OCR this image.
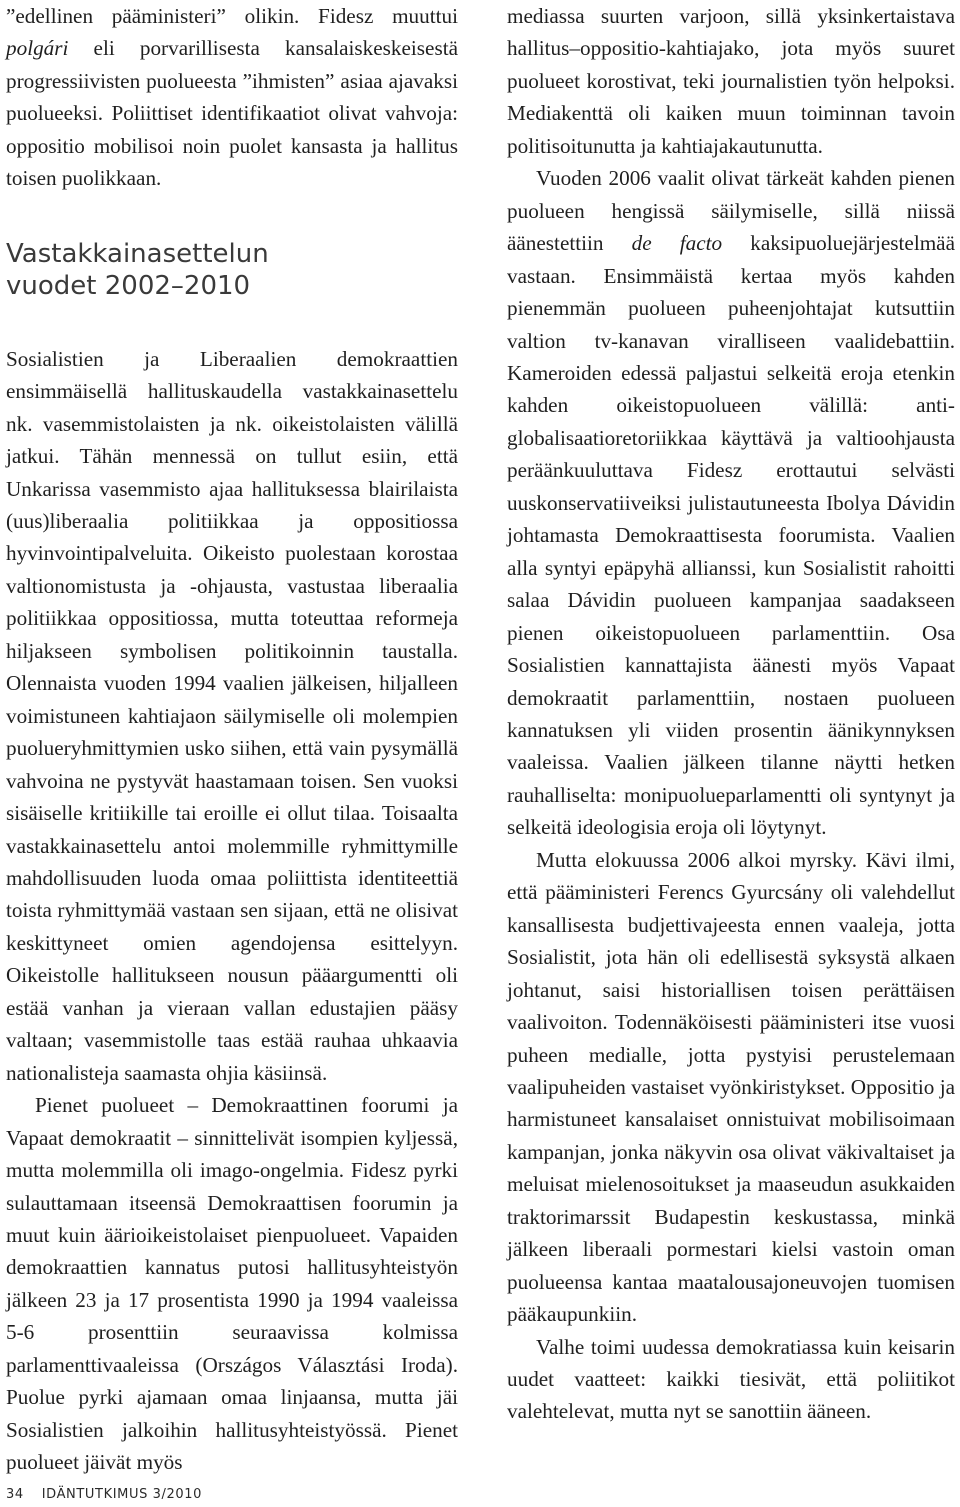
”edellinen pääministeri” olikin. Fidesz muuttui polgári eli porvarillisesta kansalaiskeskeisestä progressiivisten puolueesta ”ihmisten” asiaa ajavaksi puolueeksi. Poliittiset identifikaatiot olivat vahvoja: oppositio mobilisoi noin puolet kansasta ja hallitus toisen puolikkaan.

Vastakkainasettelun
vuodet 2002–2010

Sosialistien ja Liberaalien demokraattien ensimmäisellä hallituskaudella vastakkainasettelu nk. vasemmistolaisten ja nk. oikeistolaisten välillä jatkui. Tähän mennessä on tullut esiin, että Unkarissa vasemmisto ajaa hallituksessa blairilaista (uus)liberaalia politiikkaa ja oppositiossa hyvinvointipalveluita. Oikeisto puolestaan korostaa valtionomistusta ja -ohjausta, vastustaa liberaalia politiikkaa oppositiossa, mutta toteuttaa reformeja hiljakseen symbolisen politikoinnin taustalla. Olennaista vuoden 1994 vaalien jälkeisen, hiljalleen voimistuneen kahtiajaon säilymiselle oli molempien puolueryhmittymien usko siihen, että vain pysymällä vahvoina ne pystyvät haastamaan toisen. Sen vuoksi sisäiselle kritiikille tai eroille ei ollut tilaa. Toisaalta vastakkainasettelu antoi molemmille ryhmittymille mahdollisuuden luoda omaa poliittista identiteettiä toista ryhmittymää vastaan sen sijaan, että ne olisivat keskittyneet omien agendojensa esittelyyn. Oikeistolle hallitukseen nousun pääargumentti oli estää vanhan ja vieraan vallan edustajien pääsy valtaan; vasemmistolle taas estää rauhaa uhkaavia nationalisteja saamasta ohjia käsiinsä.

Pienet puolueet – Demokraattinen foorumi ja Vapaat demokraatit – sinnittelivät isompien kyljessä, mutta molemmilla oli imago-ongelmia. Fidesz pyrki sulauttamaan itseensä Demokraattisen foorumin ja muut kuin äärioikeistolaiset pienpuolueet. Vapaiden demokraattien kannatus putosi hallitusyhteistyön jälkeen 23 ja 17 prosentista 1990 ja 1994 vaaleissa 5-6 prosenttiin seuraavissa kolmissa parlamenttivaaleissa (Országos Választási Iroda). Puolue pyrki ajamaan omaa linjaansa, mutta jäi Sosialistien jalkoihin hallitusyhteistyössä. Pienet puolueet jäivät myös

mediassa suurten varjoon, sillä yksinkertaistava hallitus–oppositio-kahtiajako, jota myös suuret puolueet korostivat, teki journalistien työn helpoksi. Mediakenttä oli kaiken muun toiminnan tavoin politisoitunutta ja kahtiajakautunutta.

Vuoden 2006 vaalit olivat tärkeät kahden pienen puolueen hengissä säilymiselle, sillä niissä äänestettiin de facto kaksipuoluejärjestelmää vastaan. Ensimmäistä kertaa myös kahden pienemmän puolueen puheenjohtajat kutsuttiin valtion tv-kanavan viralliseen vaalidebattiin. Kameroiden edessä paljastui selkeitä eroja etenkin kahden oikeistopuolueen välillä: anti-globalisaatioretoriikkaa käyttävä ja valtioohjausta peräänkuuluttava Fidesz erottautui selvästi uuskonservatiiveiksi julistautuneesta Ibolya Dávidin johtamasta Demokraattisesta foorumista. Vaalien alla syntyi epäpyhä allianssi, kun Sosialistit rahoitti salaa Dávidin puolueen kampanjaa saadakseen pienen oikeistopuolueen parlamenttiin. Osa Sosialistien kannattajista äänesti myös Vapaat demokraatit parlamenttiin, nostaen puolueen kannatuksen yli viiden prosentin äänikynnyksen vaaleissa. Vaalien jälkeen tilanne näytti hetken rauhalliselta: monipuolueparlamentti oli syntynyt ja selkeitä ideologisia eroja oli löytynyt.

Mutta elokuussa 2006 alkoi myrsky. Kävi ilmi, että pääministeri Ferencs Gyurcsány oli valehdellut kansallisesta budjettivajeesta ennen vaaleja, jotta Sosialistit, jota hän oli edellisestä syksystä alkaen johtanut, saisi historiallisen toisen perättäisen vaalivoiton. Todennäköisesti pääministeri itse vuosi puheen medialle, jotta pystyisi perustelemaan vaalipuheiden vastaiset vyönkiristykset. Oppositio ja harmistuneet kansalaiset onnistuivat mobilisoimaan kampanjan, jonka näkyvin osa olivat väkivaltaiset ja meluisat mielenosoitukset ja maaseudun asukkaiden traktorimarssit Budapestin keskustassa, minkä jälkeen liberaali pormestari kielsi vastoin oman puolueensa kantaa maatalousajoneuvojen tuomisen pääkaupunkiin.

Valhe toimi uudessa demokratiassa kuin keisarin uudet vaatteet: kaikki tiesivät, että poliitikot valehtelevat, mutta nyt se sanottiin ääneen.

34 IDÄNTUTKIMUS 3/2010
